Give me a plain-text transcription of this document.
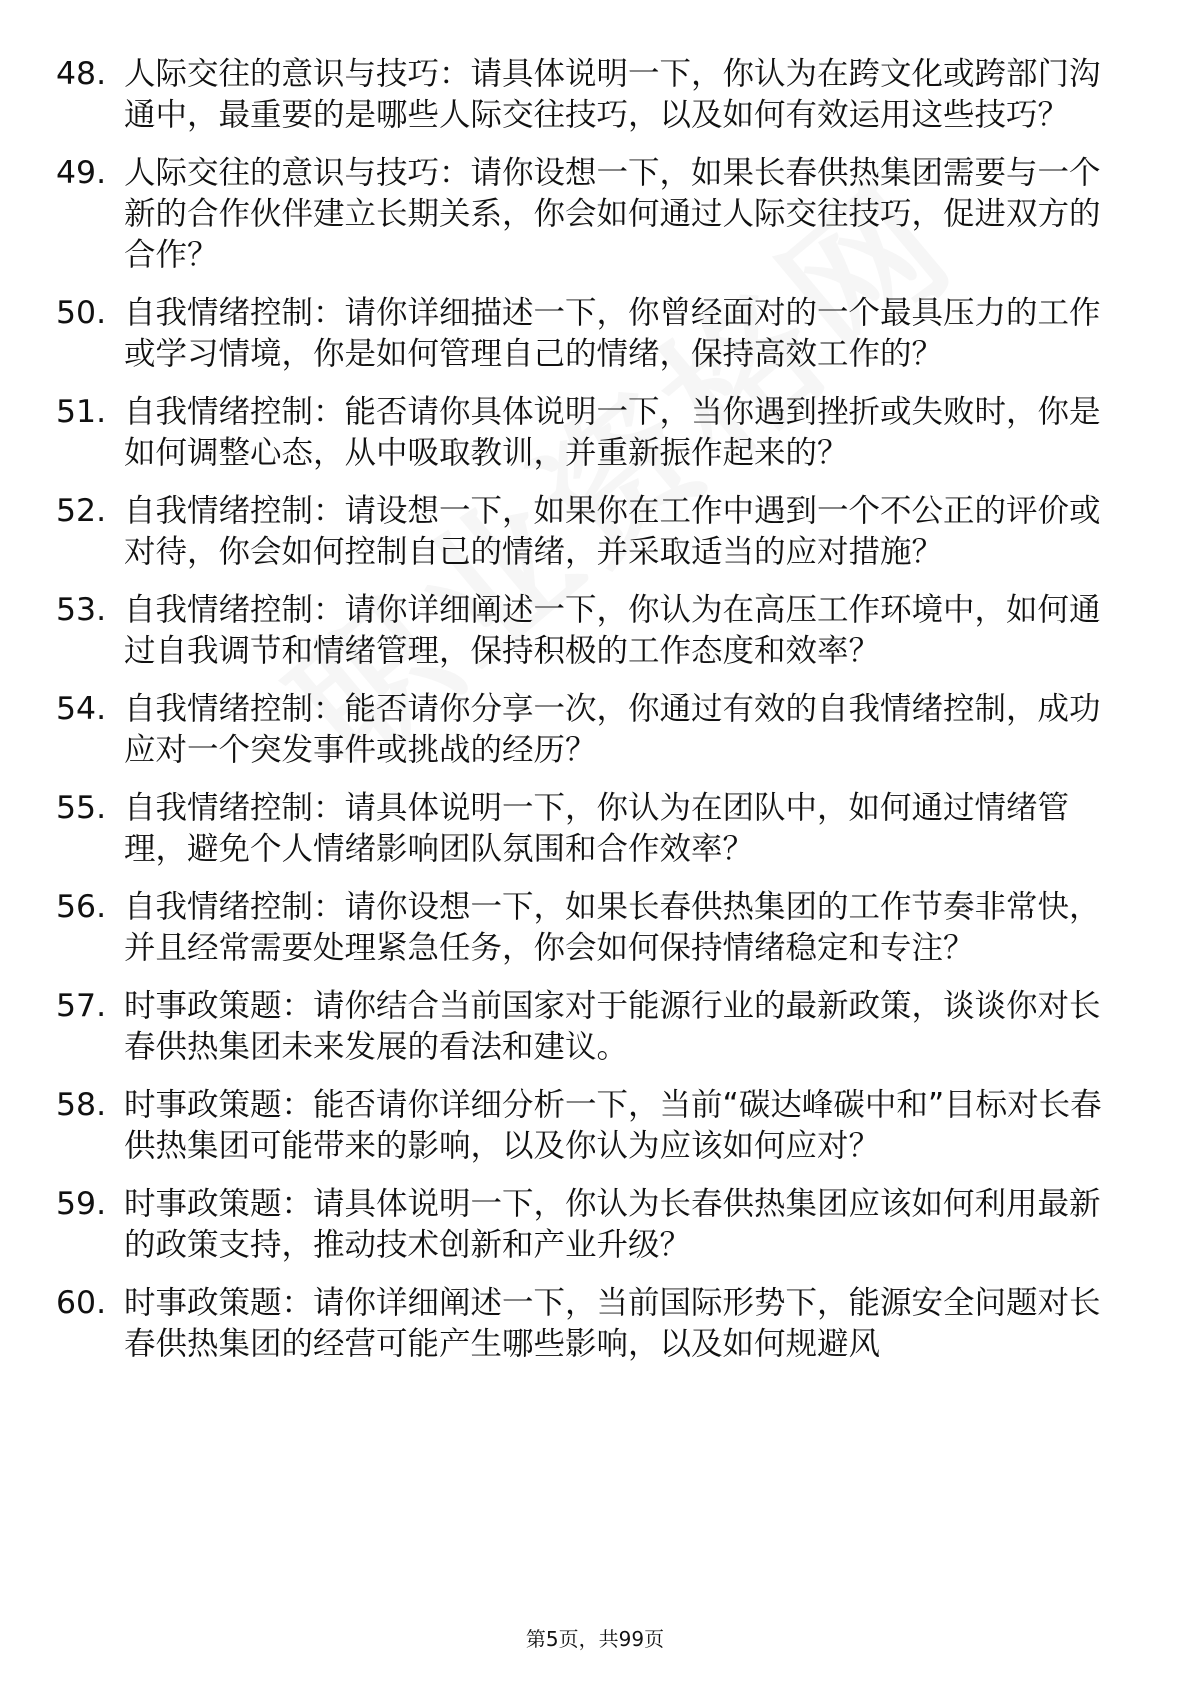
48. 人际交往的意识与技巧：请具体说明一下，你认为在跨文化或跨部门沟通中，最重要的是哪些人际交往技巧，以及如何有效运用这些技巧？
49. 人际交往的意识与技巧：请你设想一下，如果长春供热集团需要与一个新的合作伙伴建立长期关系，你会如何通过人际交往技巧，促进双方的合作？
50. 自我情绪控制：请你详细描述一下，你曾经面对的一个最具压力的工作或学习情境，你是如何管理自己的情绪，保持高效工作的？
51. 自我情绪控制：能否请你具体说明一下，当你遇到挫折或失败时，你是如何调整心态，从中吸取教训，并重新振作起来的？
52. 自我情绪控制：请设想一下，如果你在工作中遇到一个不公正的评价或对待，你会如何控制自己的情绪，并采取适当的应对措施？
53. 自我情绪控制：请你详细阐述一下，你认为在高压工作环境中，如何通过自我调节和情绪管理，保持积极的工作态度和效率？
54. 自我情绪控制：能否请你分享一次，你通过有效的自我情绪控制，成功应对一个突发事件或挑战的经历？
55. 自我情绪控制：请具体说明一下，你认为在团队中，如何通过情绪管理，避免个人情绪影响团队氛围和合作效率？
56. 自我情绪控制：请你设想一下，如果长春供热集团的工作节奏非常快，并且经常需要处理紧急任务，你会如何保持情绪稳定和专注？
57. 时事政策题：请你结合当前国家对于能源行业的最新政策，谈谈你对长春供热集团未来发展的看法和建议。
58. 时事政策题：能否请你详细分析一下，当前“碳达峰碳中和”目标对长春供热集团可能带来的影响，以及你认为应该如何应对？
59. 时事政策题：请具体说明一下，你认为长春供热集团应该如何利用最新的政策支持，推动技术创新和产业升级？
60. 时事政策题：请你详细阐述一下，当前国际形势下，能源安全问题对长春供热集团的经营可能产生哪些影响，以及如何规避风
第5页，共99页
